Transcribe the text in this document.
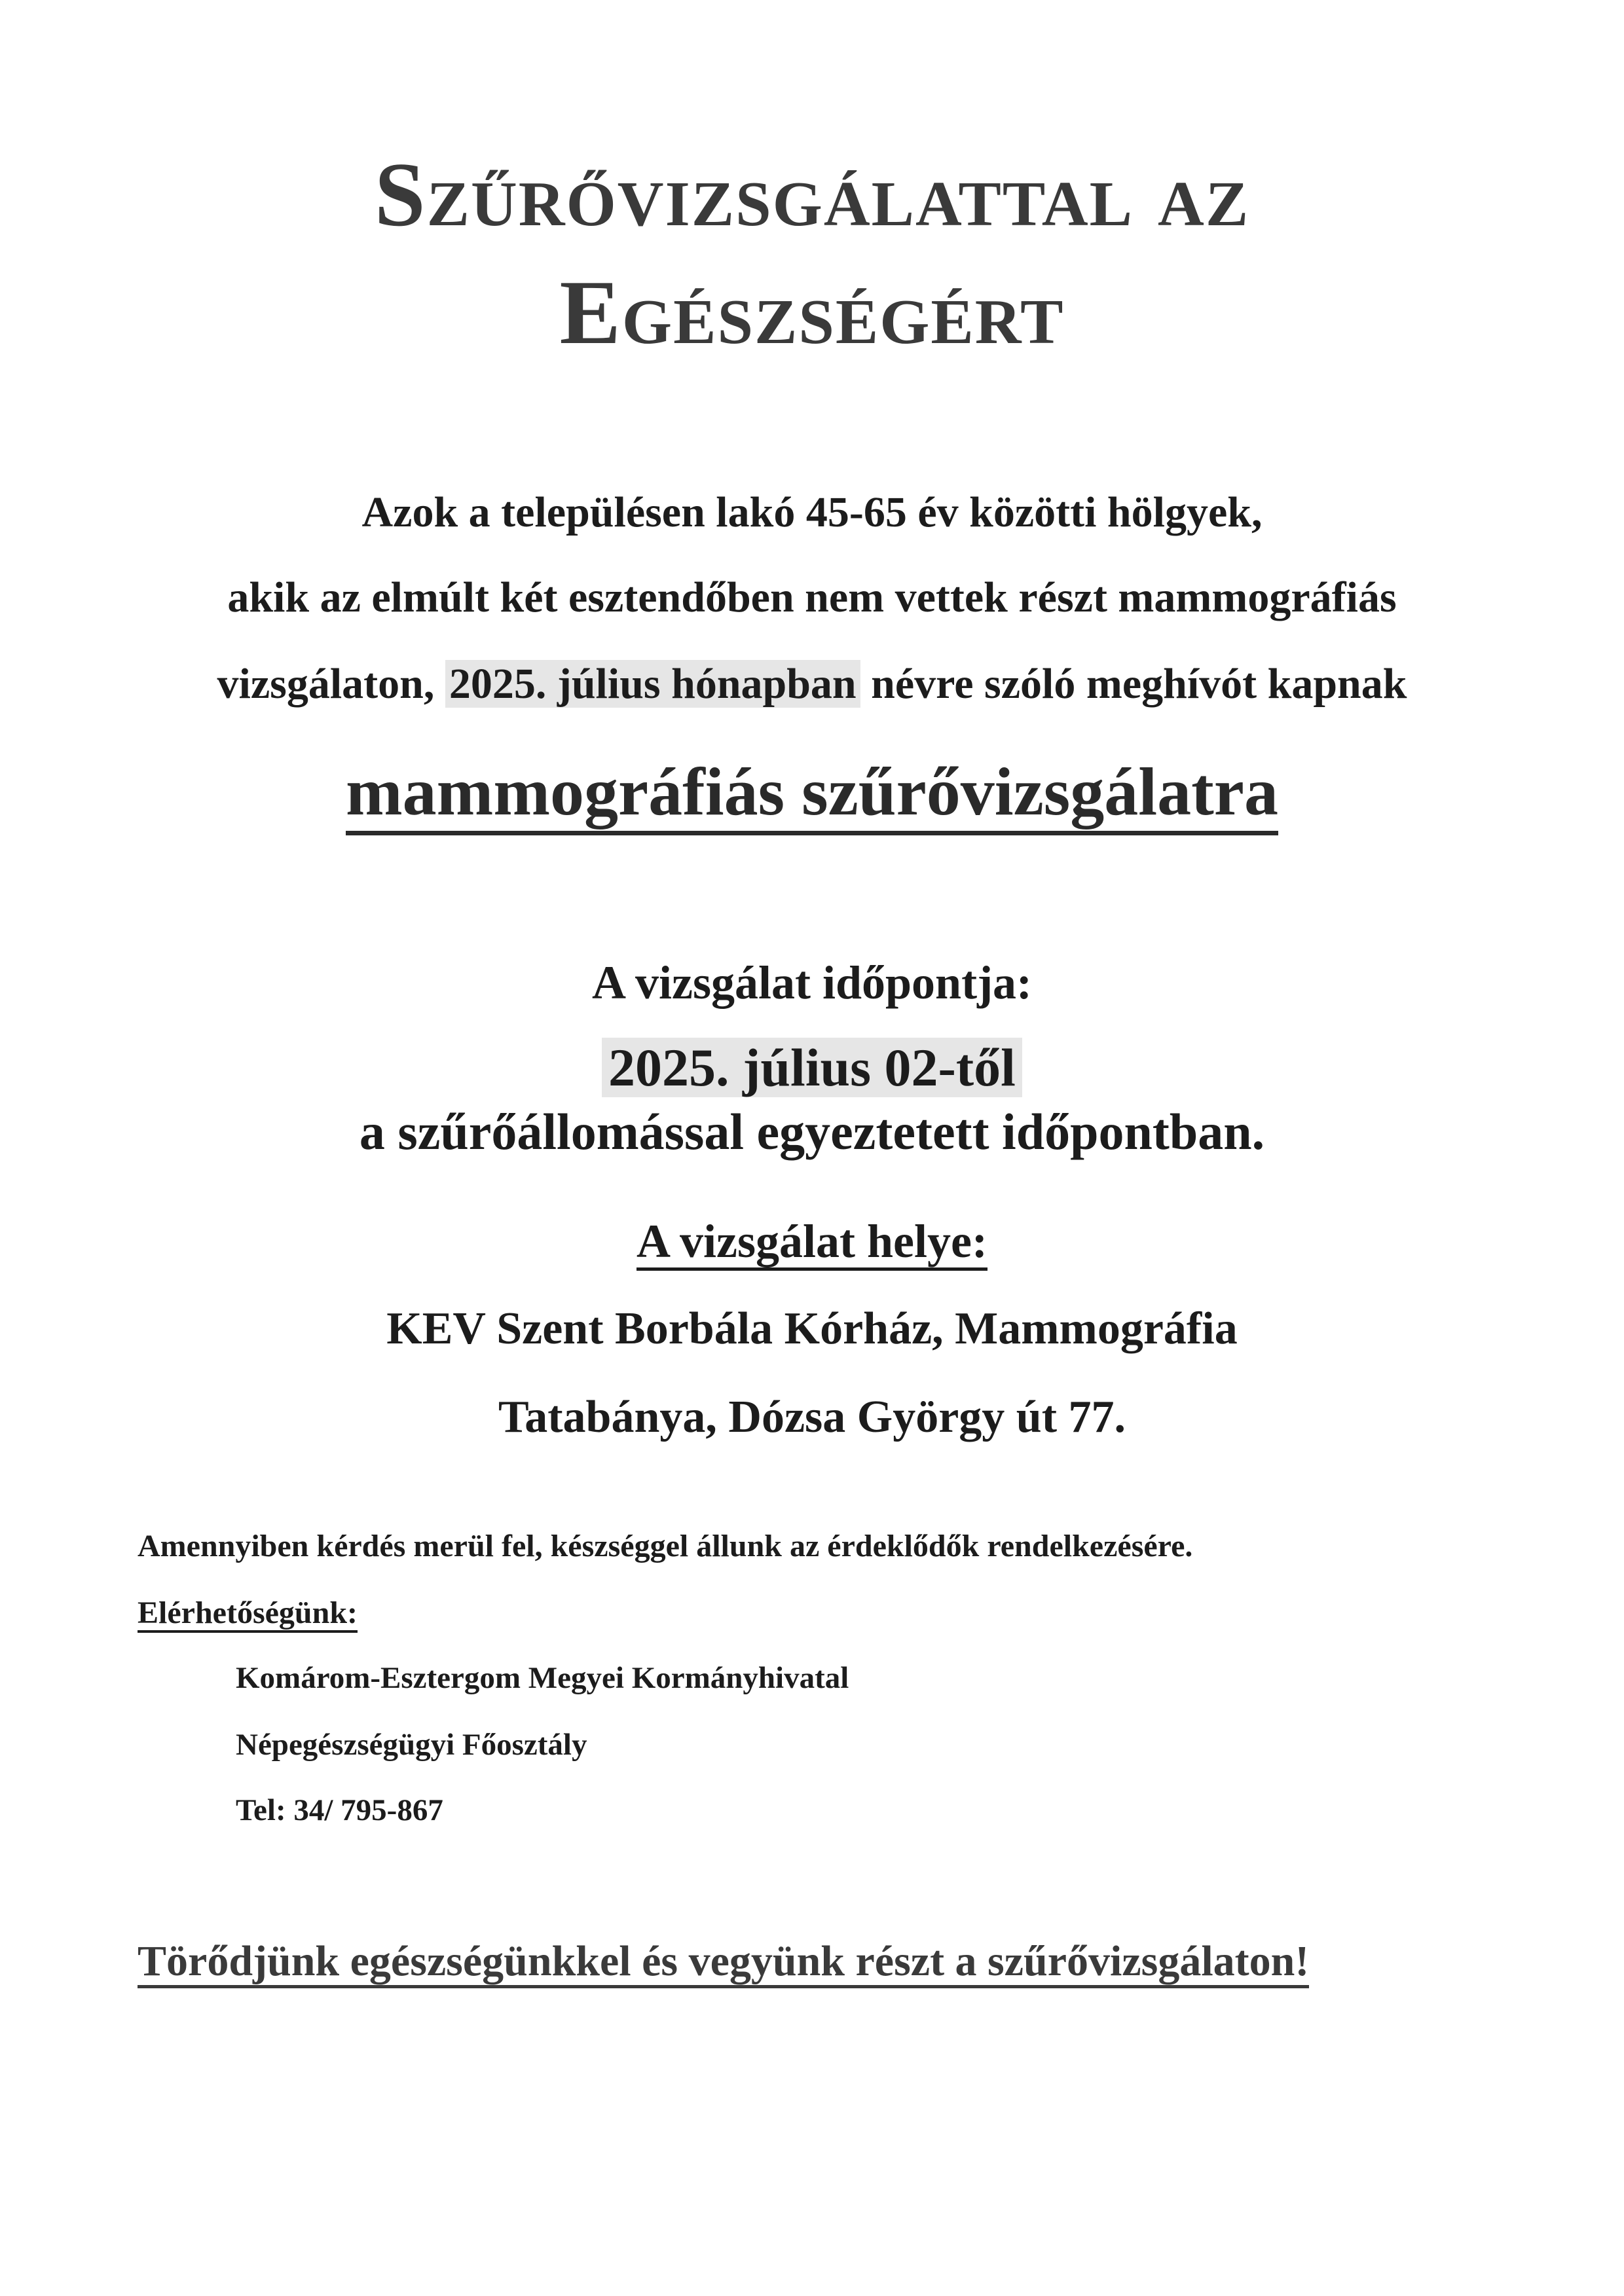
Szűrővizsgálattal az
Egészségért
Azok a településen lakó 45-65 év közötti hölgyek,
akik az elmúlt két esztendőben nem vettek részt mammográfiás
vizsgálaton, 2025. július hónapban névre szóló meghívót kapnak
mammográfiás szűrővizsgálatra
A vizsgálat időpontja:
2025. július 02-től
a szűrőállomással egyeztetett időpontban.
A vizsgálat helye:
KEV Szent Borbála Kórház, Mammográfia
Tatabánya, Dózsa György út 77.
Amennyiben kérdés merül fel, készséggel állunk az érdeklődők rendelkezésére.
Elérhetőségünk:
Komárom-Esztergom Megyei Kormányhivatal
Népegészségügyi Főosztály
Tel: 34/ 795-867
Törődjünk egészségünkkel és vegyünk részt a szűrővizsgálaton!
